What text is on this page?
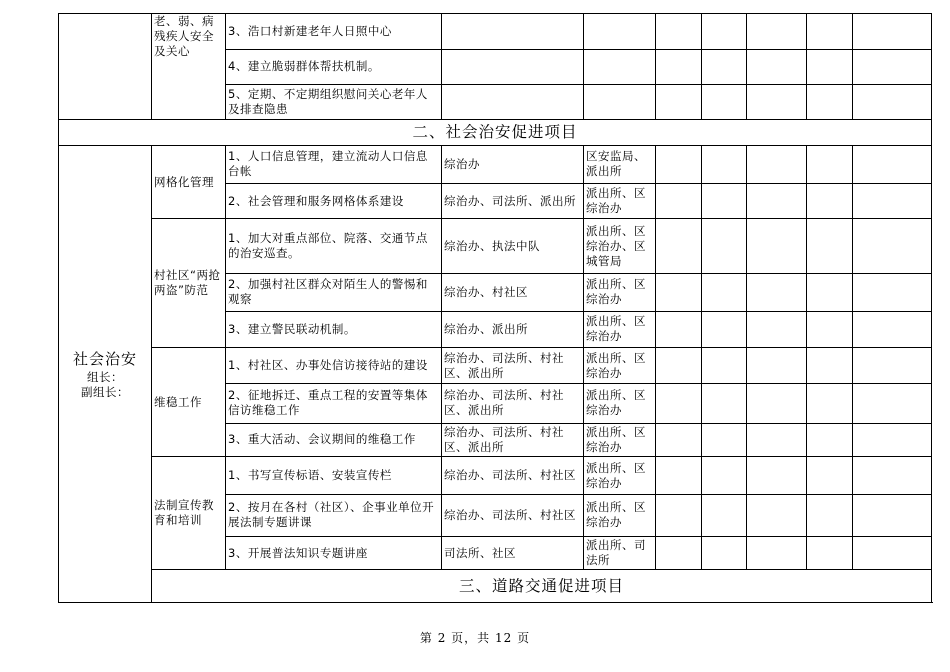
	老、弱、病残疾人安全及关心	3、浩口村新建老年人日照中心							
		4、建立脆弱群体帮扶机制。							
		5、定期、不定期组织慰问关心老年人及排查隐患							
二、社会治安促进项目									

社会治安
组长：
副组长：	网格化管理	1、人口信息管理，建立流动人口信息台帐	综治办	区安监局、派出所					
		2、社会管理和服务网格体系建设	综治办、司法所、派出所	派出所、区综治办					
	村社区“两抢两盗”防范	1、加大对重点部位、院落、交通节点的治安巡查。	综治办、执法中队	派出所、区综治办、区城管局					
		2、加强村社区群众对陌生人的警惕和观察	综治办、村社区	派出所、区综治办					
		3、建立警民联动机制。	综治办、派出所	派出所、区综治办					
	维稳工作	1、村社区、办事处信访接待站的建设	综治办、司法所、村社区、派出所	派出所、区综治办					
		2、征地拆迁、重点工程的安置等集体信访维稳工作	综治办、司法所、村社区、派出所	派出所、区综治办					
		3、重大活动、会议期间的维稳工作	综治办、司法所、村社区、派出所	派出所、区综治办					
	法制宣传教育和培训	1、书写宣传标语、安装宣传栏	综治办、司法所、村社区	派出所、区综治办					
		2、按月在各村（社区）、企事业单位开展法制专题讲课	综治办、司法所、村社区	派出所、区综治办					
		3、开展普法知识专题讲座	司法所、社区	派出所、司法所					
	三、道路交通促进项目								
第 2 页，共 12 页
